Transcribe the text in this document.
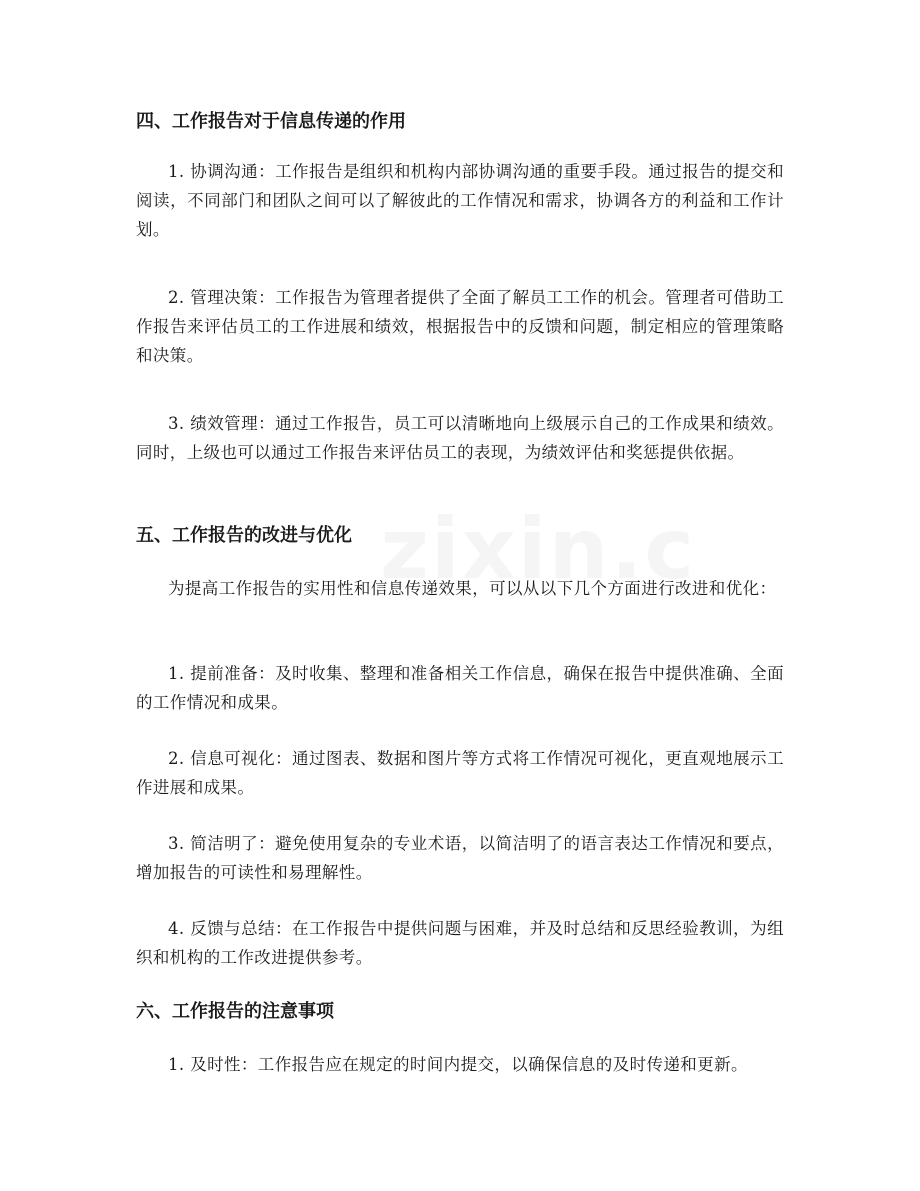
四、工作报告对于信息传递的作用
1. 协调沟通：工作报告是组织和机构内部协调沟通的重要手段。通过报告的提交和阅读，不同部门和团队之间可以了解彼此的工作情况和需求，协调各方的利益和工作计划。
2. 管理决策：工作报告为管理者提供了全面了解员工工作的机会。管理者可借助工作报告来评估员工的工作进展和绩效，根据报告中的反馈和问题，制定相应的管理策略和决策。
3. 绩效管理：通过工作报告，员工可以清晰地向上级展示自己的工作成果和绩效。同时，上级也可以通过工作报告来评估员工的表现，为绩效评估和奖惩提供依据。
五、工作报告的改进与优化
为提高工作报告的实用性和信息传递效果，可以从以下几个方面进行改进和优化：
1. 提前准备：及时收集、整理和准备相关工作信息，确保在报告中提供准确、全面的工作情况和成果。
2. 信息可视化：通过图表、数据和图片等方式将工作情况可视化，更直观地展示工作进展和成果。
3. 简洁明了：避免使用复杂的专业术语，以简洁明了的语言表达工作情况和要点，增加报告的可读性和易理解性。
4. 反馈与总结：在工作报告中提供问题与困难，并及时总结和反思经验教训，为组织和机构的工作改进提供参考。
六、工作报告的注意事项
1. 及时性：工作报告应在规定的时间内提交，以确保信息的及时传递和更新。
